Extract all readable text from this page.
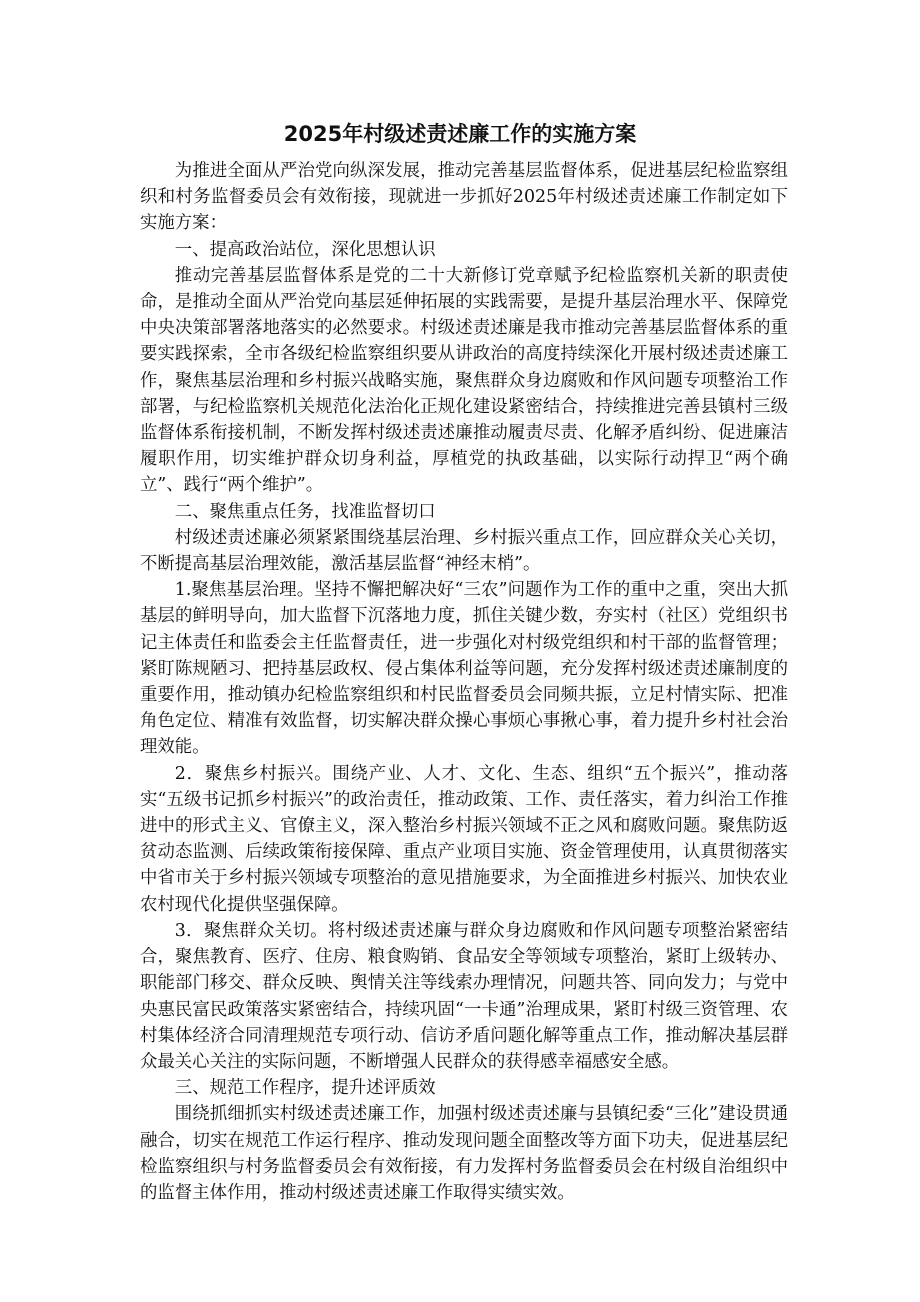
2025年村级述责述廉工作的实施方案

为推进全面从严治党向纵深发展，推动完善基层监督体系，促进基层纪检监察组织和村务监督委员会有效衔接，现就进一步抓好2025年村级述责述廉工作制定如下实施方案：

一、提高政治站位，深化思想认识

推动完善基层监督体系是党的二十大新修订党章赋予纪检监察机关新的职责使命，是推动全面从严治党向基层延伸拓展的实践需要，是提升基层治理水平、保障党中央决策部署落地落实的必然要求。村级述责述廉是我市推动完善基层监督体系的重要实践探索，全市各级纪检监察组织要从讲政治的高度持续深化开展村级述责述廉工作，聚焦基层治理和乡村振兴战略实施，聚焦群众身边腐败和作风问题专项整治工作部署，与纪检监察机关规范化法治化正规化建设紧密结合，持续推进完善县镇村三级监督体系衔接机制，不断发挥村级述责述廉推动履责尽责、化解矛盾纠纷、促进廉洁履职作用，切实维护群众切身利益，厚植党的执政基础，以实际行动捍卫“两个确立”、践行“两个维护”。

二、聚焦重点任务，找准监督切口

村级述责述廉必须紧紧围绕基层治理、乡村振兴重点工作，回应群众关心关切，不断提高基层治理效能，激活基层监督“神经末梢”。

1.聚焦基层治理。坚持不懈把解决好“三农”问题作为工作的重中之重，突出大抓基层的鲜明导向，加大监督下沉落地力度，抓住关键少数，夯实村（社区）党组织书记主体责任和监委会主任监督责任，进一步强化对村级党组织和村干部的监督管理；紧盯陈规陋习、把持基层政权、侵占集体利益等问题，充分发挥村级述责述廉制度的重要作用，推动镇办纪检监察组织和村民监督委员会同频共振，立足村情实际、把准角色定位、精准有效监督，切实解决群众操心事烦心事揪心事，着力提升乡村社会治理效能。

2．聚焦乡村振兴。围绕产业、人才、文化、生态、组织“五个振兴”，推动落实“五级书记抓乡村振兴”的政治责任，推动政策、工作、责任落实，着力纠治工作推进中的形式主义、官僚主义，深入整治乡村振兴领域不正之风和腐败问题。聚焦防返贫动态监测、后续政策衔接保障、重点产业项目实施、资金管理使用，认真贯彻落实中省市关于乡村振兴领域专项整治的意见措施要求，为全面推进乡村振兴、加快农业农村现代化提供坚强保障。

3．聚焦群众关切。将村级述责述廉与群众身边腐败和作风问题专项整治紧密结合，聚焦教育、医疗、住房、粮食购销、食品安全等领域专项整治，紧盯上级转办、职能部门移交、群众反映、舆情关注等线索办理情况，问题共答、同向发力；与党中央惠民富民政策落实紧密结合，持续巩固“一卡通”治理成果，紧盯村级三资管理、农村集体经济合同清理规范专项行动、信访矛盾问题化解等重点工作，推动解决基层群众最关心关注的实际问题，不断增强人民群众的获得感幸福感安全感。

三、规范工作程序，提升述评质效

围绕抓细抓实村级述责述廉工作，加强村级述责述廉与县镇纪委“三化”建设贯通融合，切实在规范工作运行程序、推动发现问题全面整改等方面下功夫，促进基层纪检监察组织与村务监督委员会有效衔接，有力发挥村务监督委员会在村级自治组织中的监督主体作用，推动村级述责述廉工作取得实绩实效。
